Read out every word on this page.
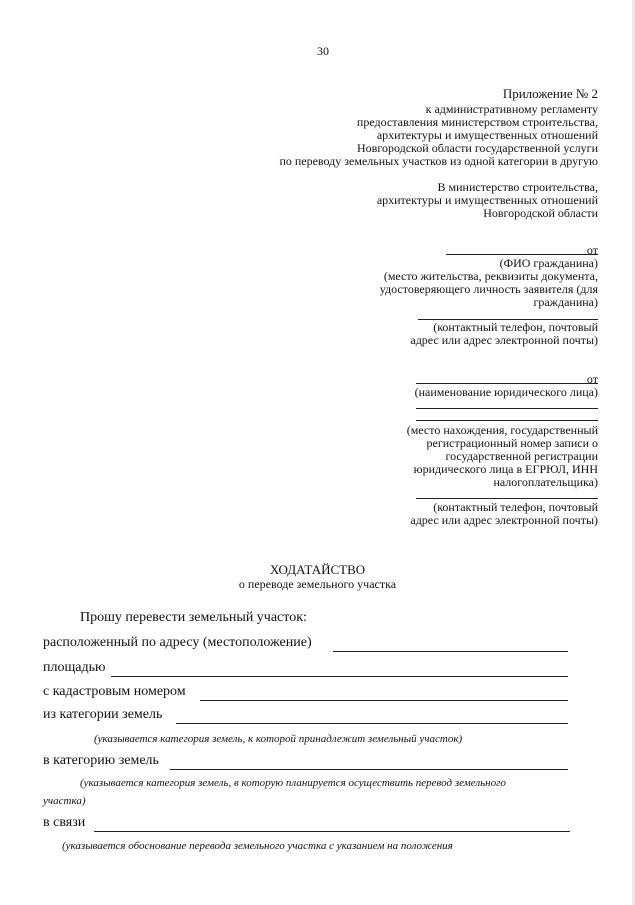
30
Приложение № 2
к административному регламенту
предоставления министерством строительства,
архитектуры и имущественных отношений
Новгородской области государственной услуги
по переводу земельных участков из одной категории в другую
В министерство строительства,
архитектуры и имущественных отношений
Новгородской области
от
(ФИО гражданина)
(место жительства, реквизиты документа,
удостоверяющего личность заявителя (для
гражданина)
(контактный телефон, почтовый
адрес или адрес электронной почты)
от
(наименование юридического лица)
(место нахождения, государственный
регистрационный номер записи о
государственной регистрации
юридического лица в ЕГРЮЛ, ИНН
налогоплательщика)
(контактный телефон, почтовый
адрес или адрес электронной почты)
ХОДАТАЙСТВО
о переводе земельного участка
Прошу перевести земельный участок:
расположенный по адресу (местоположение)
площадью
с кадастровым номером
из категории земель
(указывается категория земель, к которой принадлежит земельный участок)
в категорию земель
(указывается категория земель, в которую планируется осуществить перевод земельного
участка)
в связи
(указывается обоснование перевода земельного участка с указанием на положения
